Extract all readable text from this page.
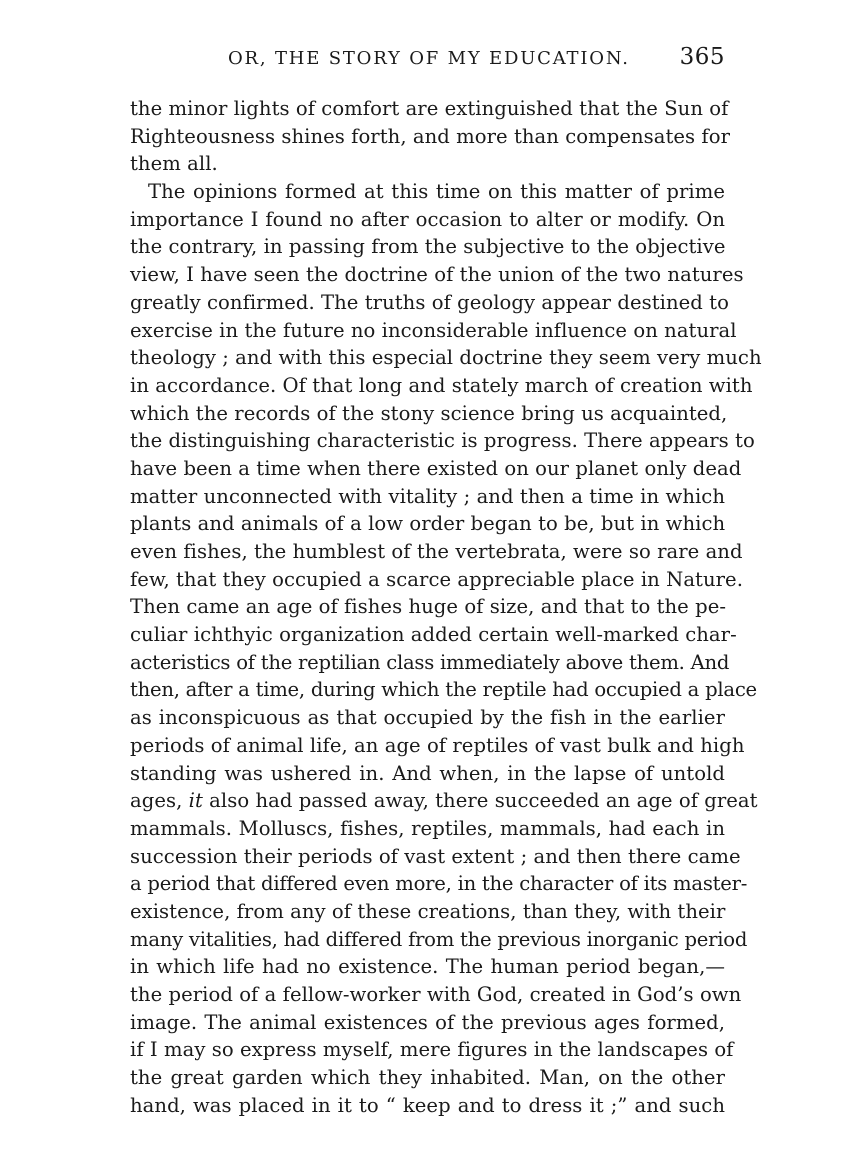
OR, THE STORY OF MY EDUCATION. 365
the minor lights of comfort are extinguished that the Sun of
Righteousness shines forth, and more than compensates for
them all.
The opinions formed at this time on this matter of prime
importance I found no after occasion to alter or modify. On
the contrary, in passing from the subjective to the objective
view, I have seen the doctrine of the union of the two natures
greatly confirmed. The truths of geology appear destined to
exercise in the future no inconsiderable influence on natural
theology ; and with this especial doctrine they seem very much
in accordance. Of that long and stately march of creation with
which the records of the stony science bring us acquainted,
the distinguishing characteristic is progress. There appears to
have been a time when there existed on our planet only dead
matter unconnected with vitality ; and then a time in which
plants and animals of a low order began to be, but in which
even fishes, the humblest of the vertebrata, were so rare and
few, that they occupied a scarce appreciable place in Nature.
Then came an age of fishes huge of size, and that to the pe-
culiar ichthyic organization added certain well-marked char-
acteristics of the reptilian class immediately above them. And
then, after a time, during which the reptile had occupied a place
as inconspicuous as that occupied by the fish in the earlier
periods of animal life, an age of reptiles of vast bulk and high
standing was ushered in. And when, in the lapse of untold
ages, it also had passed away, there succeeded an age of great
mammals. Molluscs, fishes, reptiles, mammals, had each in
succession their periods of vast extent ; and then there came
a period that differed even more, in the character of its master-
existence, from any of these creations, than they, with their
many vitalities, had differed from the previous inorganic period
in which life had no existence. The human period began,—
the period of a fellow-worker with God, created in God’s own
image. The animal existences of the previous ages formed,
if I may so express myself, mere figures in the landscapes of
the great garden which they inhabited. Man, on the other
hand, was placed in it to “ keep and to dress it ;” and such
